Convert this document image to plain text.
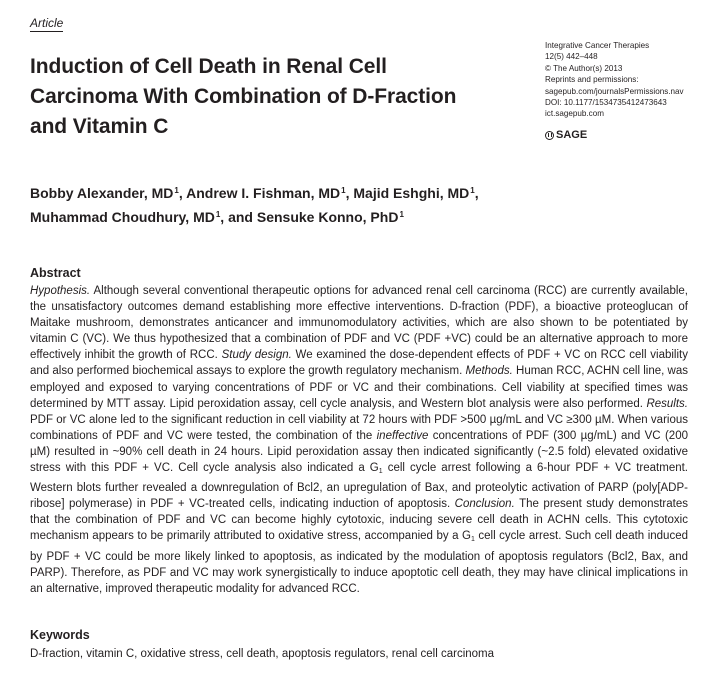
Article
Induction of Cell Death in Renal Cell
Carcinoma With Combination of D-Fraction
and Vitamin C
Integrative Cancer Therapies
12(5) 442–448
© The Author(s) 2013
Reprints and permissions:
sagepub.com/journalsPermissions.nav
DOI: 10.1177/1534735412473643
ict.sagepub.com
SAGE
Bobby Alexander, MD$^1$, Andrew I. Fishman, MD$^1$, Majid Eshghi, MD$^1$,
Muhammad Choudhury, MD$^1$, and Sensuke Konno, PhD$^1$
Abstract
Hypothesis. Although several conventional therapeutic options for advanced renal cell carcinoma (RCC) are currently available, the unsatisfactory outcomes demand establishing more effective interventions. D-fraction (PDF), a bioactive proteoglucan of Maitake mushroom, demonstrates anticancer and immunomodulatory activities, which are also shown to be potentiated by vitamin C (VC). We thus hypothesized that a combination of PDF and VC (PDF +VC) could be an alternative approach to more effectively inhibit the growth of RCC. Study design. We examined the dose-dependent effects of PDF + VC on RCC cell viability and also performed biochemical assays to explore the growth regulatory mechanism. Methods. Human RCC, ACHN cell line, was employed and exposed to varying concentrations of PDF or VC and their combinations. Cell viability at specified times was determined by MTT assay. Lipid peroxidation assay, cell cycle analysis, and Western blot analysis were also performed. Results. PDF or VC alone led to the significant reduction in cell viability at 72 hours with PDF >500 µg/mL and VC ≥300 µM. When various combinations of PDF and VC were tested, the combination of the ineffective concentrations of PDF (300 µg/mL) and VC (200 µM) resulted in ~90% cell death in 24 hours. Lipid peroxidation assay then indicated significantly (~2.5 fold) elevated oxidative stress with this PDF + VC. Cell cycle analysis also indicated a $G_1$ cell cycle arrest following a 6-hour PDF + VC treatment. Western blots further revealed a downregulation of Bcl2, an upregulation of Bax, and proteolytic activation of PARP (poly[ADP-ribose] polymerase) in PDF + VC-treated cells, indicating induction of apoptosis. Conclusion. The present study demonstrates that the combination of PDF and VC can become highly cytotoxic, inducing severe cell death in ACHN cells. This cytotoxic mechanism appears to be primarily attributed to oxidative stress, accompanied by a $G_1$ cell cycle arrest. Such cell death induced by PDF + VC could be more likely linked to apoptosis, as indicated by the modulation of apoptosis regulators (Bcl2, Bax, and PARP). Therefore, as PDF and VC may work synergistically to induce apoptotic cell death, they may have clinical implications in an alternative, improved therapeutic modality for advanced RCC.
Keywords
D-fraction, vitamin C, oxidative stress, cell death, apoptosis regulators, renal cell carcinoma
